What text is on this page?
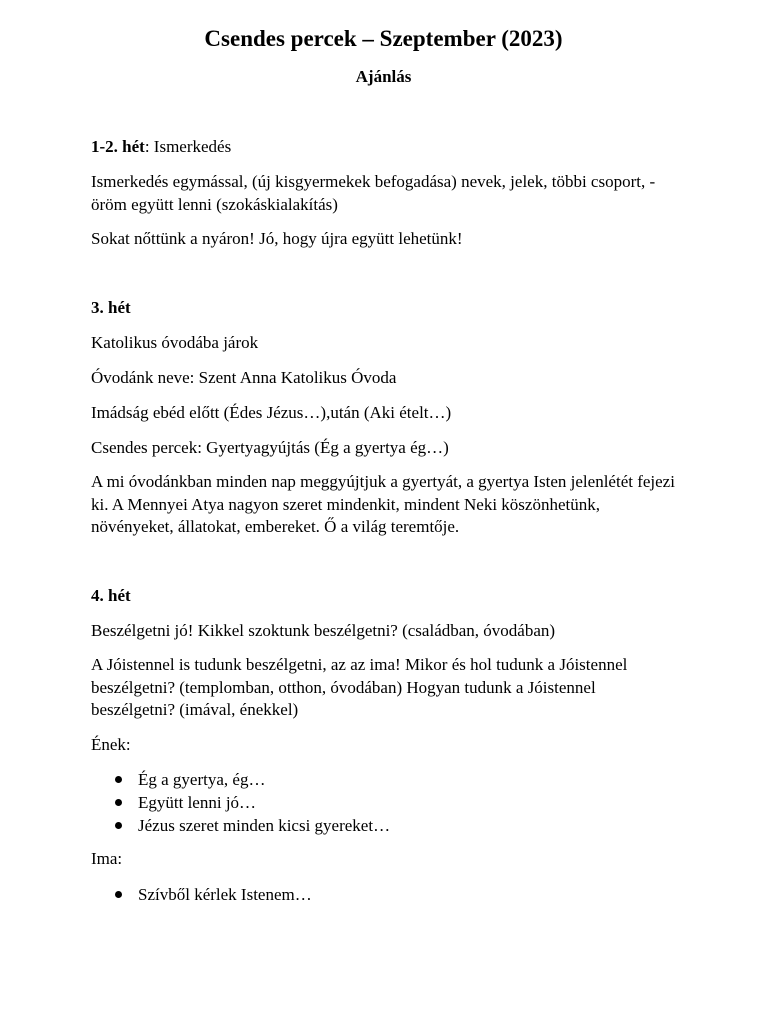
Csendes percek – Szeptember (2023)
Ajánlás

1-2. hét: Ismerkedés

Ismerkedés egymással, (új kisgyermekek befogadása) nevek, jelek, többi csoport, - öröm együtt lenni (szokáskialakítás)

Sokat nőttünk a nyáron! Jó, hogy újra együtt lehetünk!

3. hét

Katolikus óvodába járok

Óvodánk neve: Szent Anna Katolikus Óvoda

Imádság ebéd előtt (Édes Jézus…),után (Aki ételt…)

Csendes percek: Gyertyagyújtás (Ég a gyertya ég…)

A mi óvodánkban minden nap meggyújtjuk a gyertyát, a gyertya Isten jelenlétét fejezi ki. A Mennyei Atya nagyon szeret mindenkit, mindent Neki köszönhetünk, növényeket, állatokat, embereket. Ő a világ teremtője.

4. hét

Beszélgetni jó! Kikkel szoktunk beszélgetni? (családban, óvodában)

A Jóistennel is tudunk beszélgetni, az az ima! Mikor és hol tudunk a Jóistennel beszélgetni? (templomban, otthon, óvodában) Hogyan tudunk a Jóistennel beszélgetni? (imával, énekkel)

Ének:

Ég a gyertya, ég…
Együtt lenni jó…
Jézus szeret minden kicsi gyereket…

Ima:

Szívből kérlek Istenem…
